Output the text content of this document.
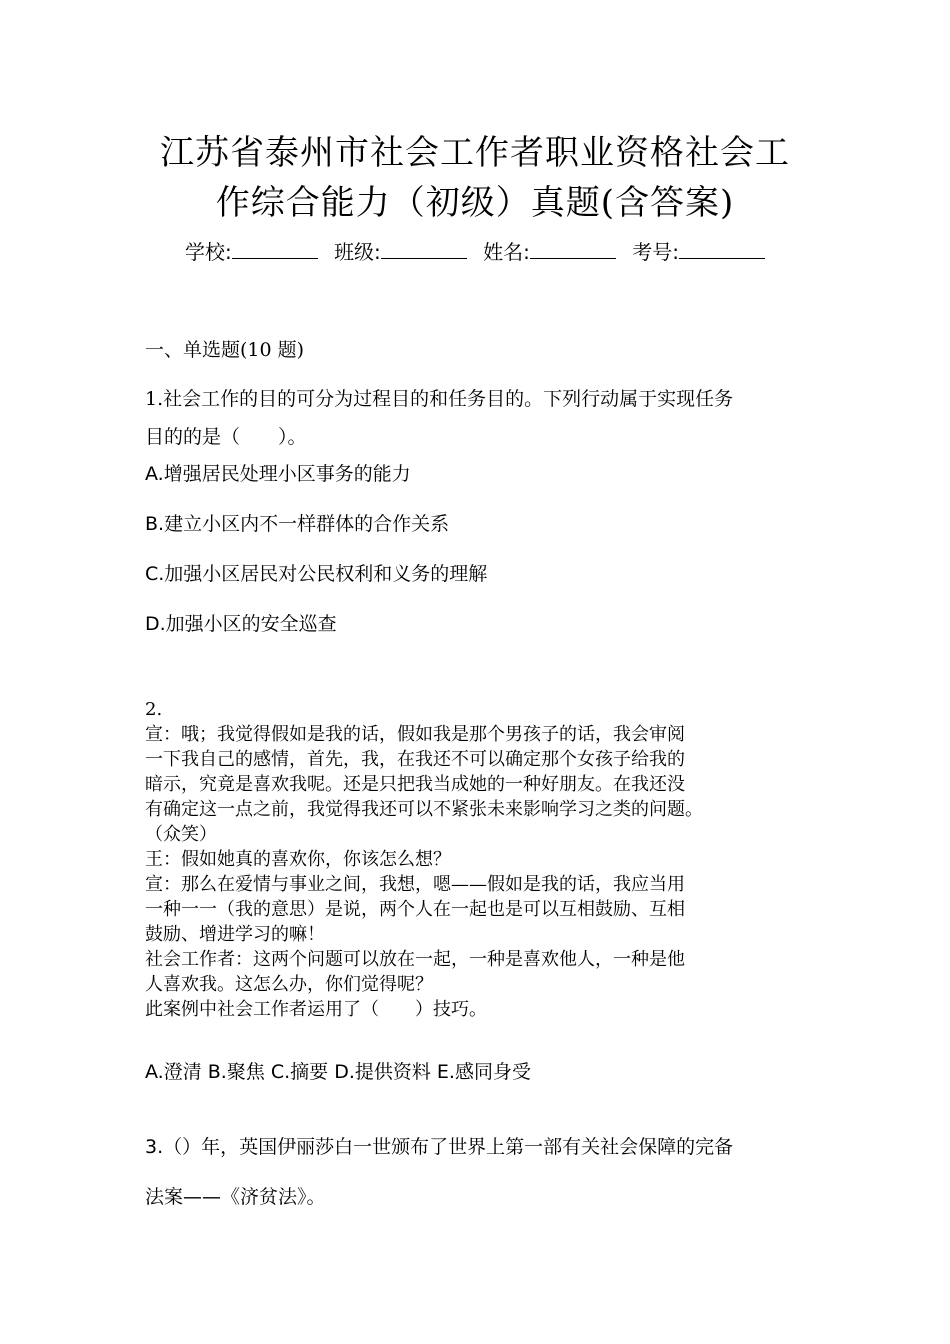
江苏省泰州市社会工作者职业资格社会工
作综合能力（初级）真题(含答案)
学校:	班级:	姓名:	考号:
一、单选题(10 题)
1.社会工作的目的可分为过程目的和任务目的。下列行动属于实现任务
目的的是（　　）。
A.增强居民处理小区事务的能力
B.建立小区内不一样群体的合作关系
C.加强小区居民对公民权利和义务的理解
D.加强小区的安全巡查
2.
宣：哦；我觉得假如是我的话，假如我是那个男孩子的话，我会审阅
一下我自己的感情，首先，我，在我还不可以确定那个女孩子给我的
暗示，究竟是喜欢我呢。还是只把我当成她的一种好朋友。在我还没
有确定这一点之前，我觉得我还可以不紧张未来影响学习之类的问题。
（众笑）
王：假如她真的喜欢你，你该怎么想？
宣：那么在爱情与事业之间，我想，嗯——假如是我的话，我应当用
一种一一（我的意思）是说，两个人在一起也是可以互相鼓励、互相
鼓励、增进学习的嘛！
社会工作者：这两个问题可以放在一起，一种是喜欢他人，一种是他
人喜欢我。这怎么办，你们觉得呢？
此案例中社会工作者运用了（　　）技巧。
A.澄清 B.聚焦 C.摘要 D.提供资料 E.感同身受
3.（）年，英国伊丽莎白一世颁布了世界上第一部有关社会保障的完备
法案——《济贫法》。
